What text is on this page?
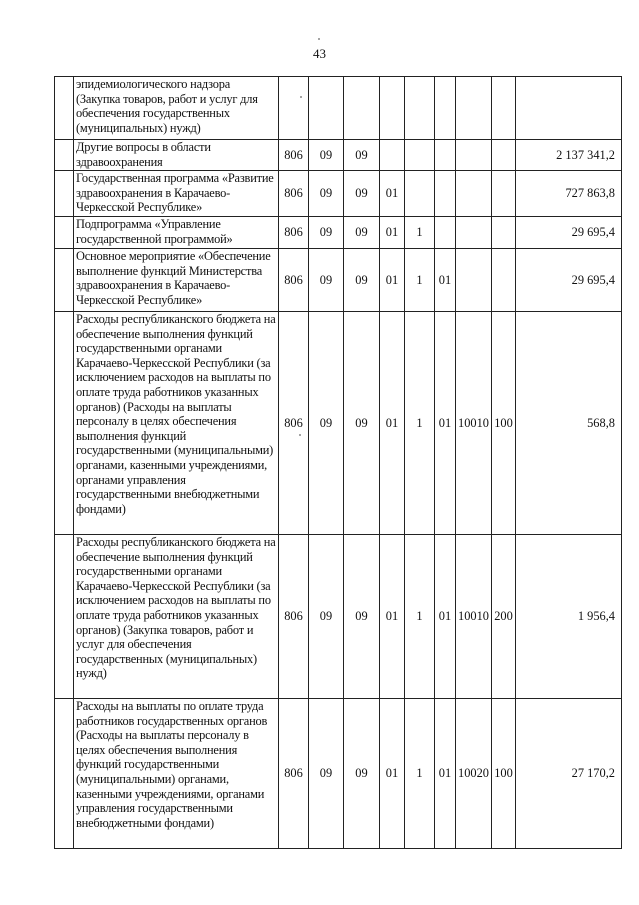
43
	эпидемиологического надзора (Закупка товаров, работ и услуг для обеспечения государственных (муниципальных) нужд)									
	Другие вопросы в области здравоохранения	806	09	09						2 137 341,2
	Государственная программа «Развитие здравоохранения в Карачаево-Черкесской Республике»	806	09	09	01					727 863,8
	Подпрограмма «Управление государственной программой»	806	09	09	01	1				29 695,4
	Основное мероприятие «Обеспечение выполнение функций Министерства здравоохранения в Карачаево-Черкесской Республике»	806	09	09	01	1	01			29 695,4
	Расходы республиканского бюджета на обеспечение выполнения функций государственными органами Карачаево-Черкесской Республики (за исключением расходов на выплаты по оплате труда работников указанных органов) (Расходы на выплаты персоналу в целях обеспечения выполнения функций государственными (муниципальными) органами, казенными учреждениями, органами управления государственными внебюджетными фондами)	806	09	09	01	1	01	10010	100	568,8
	Расходы республиканского бюджета на обеспечение выполнения функций государственными органами Карачаево-Черкесской Республики (за исключением расходов на выплаты по оплате труда работников указанных органов) (Закупка товаров, работ и услуг для обеспечения государственных (муниципальных) нужд)	806	09	09	01	1	01	10010	200	1 956,4
	Расходы на выплаты по оплате труда работников государственных органов (Расходы на выплаты персоналу в целях обеспечения выполнения функций государственными (муниципальными) органами, казенными учреждениями, органами управления государственными внебюджетными фондами)	806	09	09	01	1	01	10020	100	27 170,2
